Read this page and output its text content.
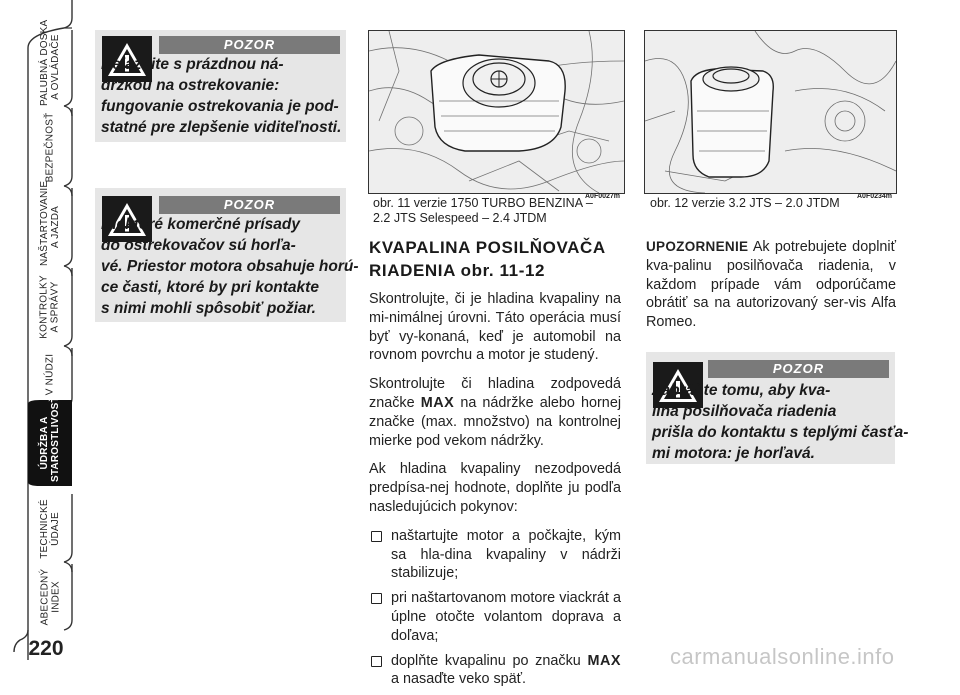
PALUBNÁ DOSKA
A OVLÁDAČE
BEZPEČNOSŤ
NAŠTARTOVANIE
A JAZDA
KONTROLKY
A SPRÁVY
V NÚDZI
ÚDRŽBA A
STAROSTLIVOSŤ
TECHNICKÉ
ÚDAJE
ABECEDNÝ
INDEX
220
POZOR
Nejazdite s prázdnou ná-
držkou na ostrekovanie:
fungovanie ostrekovania je pod-
statné pre zlepšenie viditeľnosti.
POZOR
Niektoré komerčné prísady
do ostrekovačov sú horľa-
vé. Priestor motora obsahuje horú-
ce časti, ktoré by pri kontakte
s nimi mohli spôsobiť požiar.
obr. 11 verzie 1750 TURBO BENZINA –
2.2 JTS Selespeed – 2.4 JTDM
A0F0027m obr. 12 verzie 3.2 JTS – 2.0 JTDM	A0F0234m
KVAPALINA POSILŇOVAČA
RIADENIA obr. 11-12

Skontrolujte, či je hladina kvapaliny na mi-nimálnej úrovni. Táto operácia musí byť vy-konaná, keď je automobil na rovnom povrchu a motor je studený.

Skontrolujte či hladina zodpovedá značke MAX na nádržke alebo hornej značke (max. množstvo) na kontrolnej mierke pod vekom nádržky.

Ak hladina kvapaliny nezodpovedá predpísa-nej hodnote, doplňte ju podľa nasledujúcich pokynov:

naštartujte motor a počkajte, kým sa hla-dina kvapaliny v nádrži stabilizuje;
pri naštartovanom motore viackrát a úplne otočte volantom doprava a doľava;
doplňte kvapalinu po značku MAX a nasaďte veko späť.
UPOZORNENIE Ak potrebujete doplniť kva-palinu posilňovača riadenia, v každom prípade vám odporúčame obrátiť sa na autorizovaný ser-vis Alfa Romeo.
POZOR
Zabráňte tomu, aby kva-
lina posilňovača riadenia
prišla do kontaktu s teplými časťa-
mi motora: je horľavá.
carmanualsonline.info
